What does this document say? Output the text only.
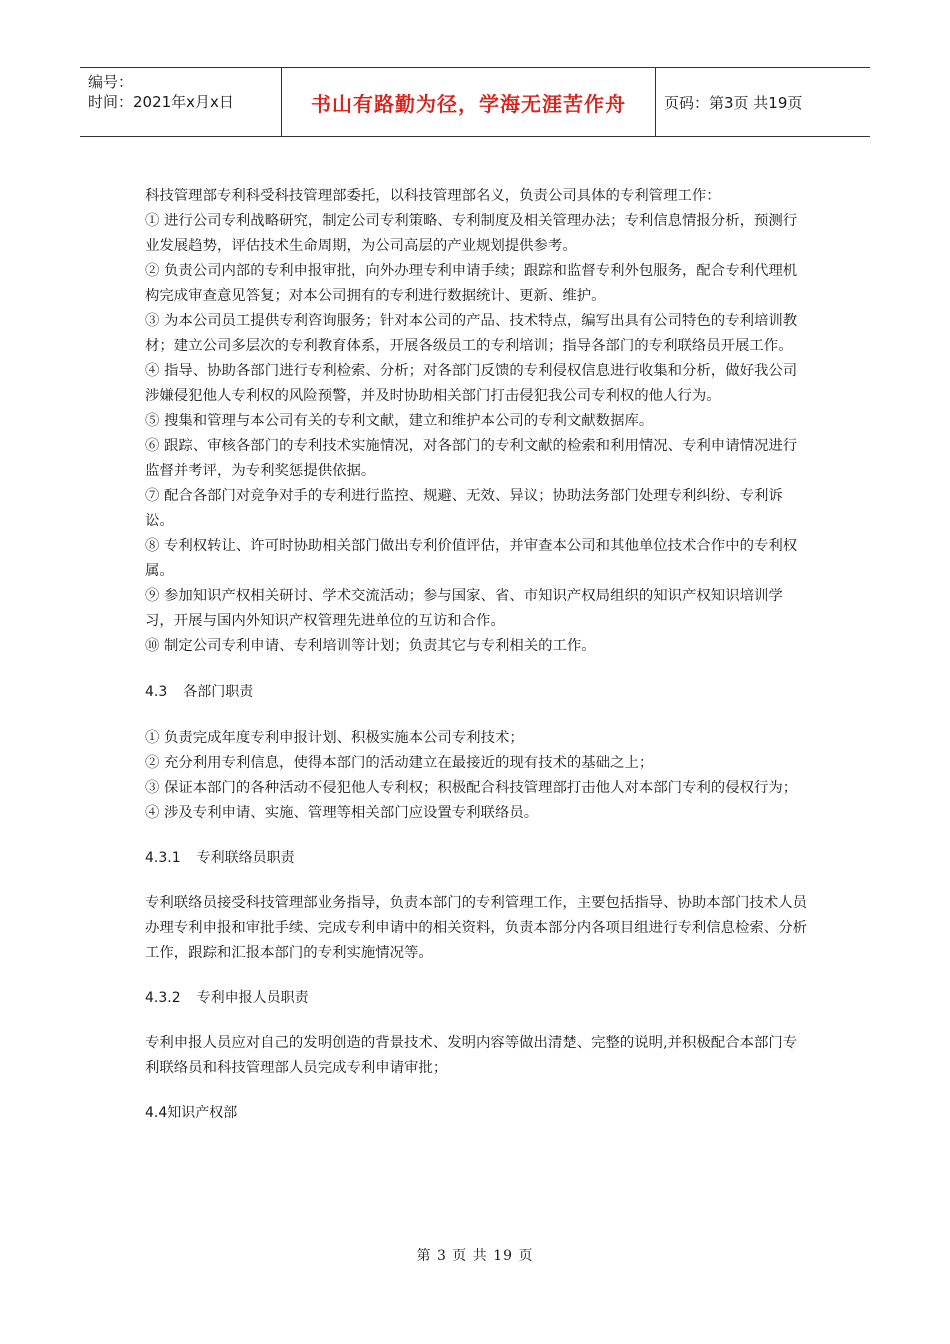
编号：
时间：2021年x月x日	书山有路勤为径，学海无涯苦作舟	页码：第3页 共19页

科技管理部专利科受科技管理部委托，以科技管理部名义，负责公司具体的专利管理工作：

① 进行公司专利战略研究，制定公司专利策略、专利制度及相关管理办法；专利信息情报分析，预测行业发展趋势，评估技术生命周期，为公司高层的产业规划提供参考。

② 负责公司内部的专利申报审批，向外办理专利申请手续；跟踪和监督专利外包服务，配合专利代理机构完成审查意见答复；对本公司拥有的专利进行数据统计、更新、维护。

③ 为本公司员工提供专利咨询服务；针对本公司的产品、技术特点，编写出具有公司特色的专利培训教材；建立公司多层次的专利教育体系，开展各级员工的专利培训；指导各部门的专利联络员开展工作。

④ 指导、协助各部门进行专利检索、分析；对各部门反馈的专利侵权信息进行收集和分析，做好我公司涉嫌侵犯他人专利权的风险预警，并及时协助相关部门打击侵犯我公司专利权的他人行为。

⑤ 搜集和管理与本公司有关的专利文献，建立和维护本公司的专利文献数据库。

⑥ 跟踪、审核各部门的专利技术实施情况，对各部门的专利文献的检索和利用情况、专利申请情况进行监督并考评，为专利奖惩提供依据。

⑦ 配合各部门对竞争对手的专利进行监控、规避、无效、异议；协助法务部门处理专利纠纷、专利诉讼。

⑧ 专利权转让、许可时协助相关部门做出专利价值评估，并审查本公司和其他单位技术合作中的专利权属。

⑨ 参加知识产权相关研讨、学术交流活动；参与国家、省、市知识产权局组织的知识产权知识培训学习，开展与国内外知识产权管理先进单位的互访和合作。

⑩ 制定公司专利申请、专利培训等计划；负责其它与专利相关的工作。

4.3 各部门职责

① 负责完成年度专利申报计划、积极实施本公司专利技术；

② 充分利用专利信息，使得本部门的活动建立在最接近的现有技术的基础之上；

③ 保证本部门的各种活动不侵犯他人专利权；积极配合科技管理部打击他人对本部门专利的侵权行为；

④ 涉及专利申请、实施、管理等相关部门应设置专利联络员。

4.3.1 专利联络员职责

专利联络员接受科技管理部业务指导，负责本部门的专利管理工作，主要包括指导、协助本部门技术人员办理专利申报和审批手续、完成专利申请中的相关资料，负责本部分内各项目组进行专利信息检索、分析工作，跟踪和汇报本部门的专利实施情况等。

4.3.2 专利申报人员职责

专利申报人员应对自己的发明创造的背景技术、发明内容等做出清楚、完整的说明,并积极配合本部门专利联络员和科技管理部人员完成专利申请审批；

4.4知识产权部

第 3 页 共 19 页
